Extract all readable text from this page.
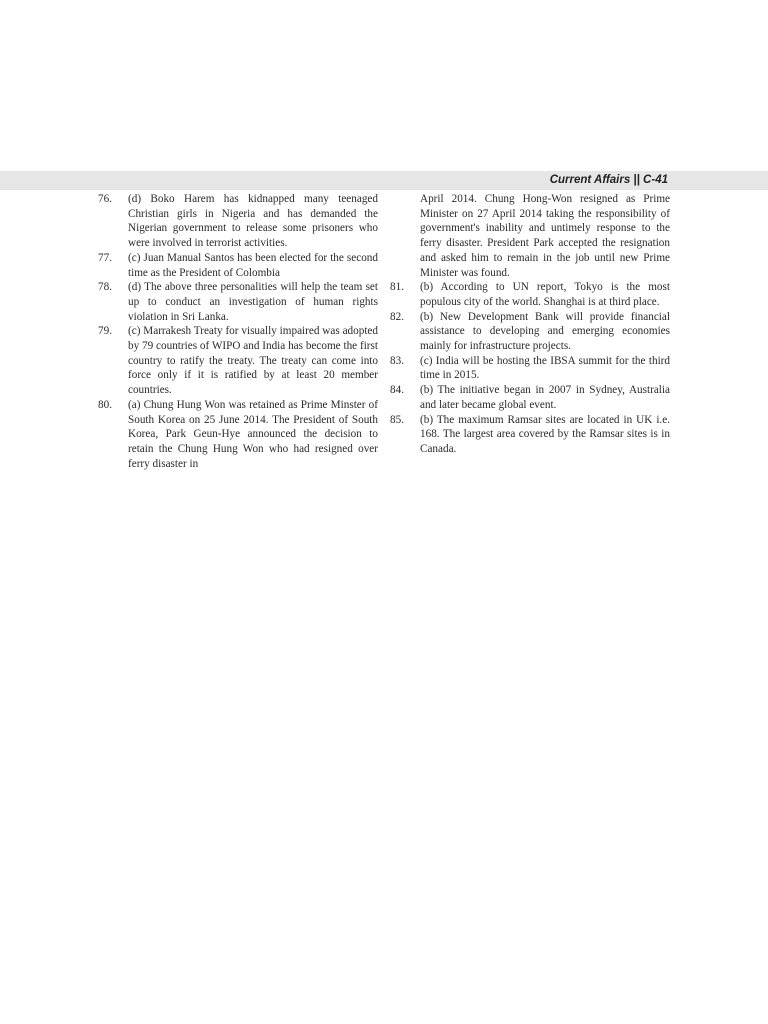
Current Affairs || C-41
76.	(d) Boko Harem has kidnapped many teenaged Christian girls in Nigeria and has demanded the Nigerian government to release some prisoners who were involved in terrorist activities.
77.	(c) Juan Manual Santos has been elected for the second time as the President of Colombia
78.	(d) The above three personalities will help the team set up to conduct an investigation of human rights violation in Sri Lanka.
79.	(c) Marrakesh Treaty for visually impaired was adopted by 79 countries of WIPO and India has become the first country to ratify the treaty. The treaty can come into force only if it is ratified by at least 20 member countries.
80.	(a) Chung Hung Won was retained as Prime Minster of South Korea on 25 June 2014. The President of South Korea, Park Geun-Hye announced the decision to retain the Chung Hung Won who had resigned over ferry disaster in
April 2014. Chung Hong-Won resigned as Prime Minister on 27 April 2014 taking the responsibility of government's inability and untimely response to the ferry disaster. President Park accepted the resignation and asked him to remain in the job until new Prime Minister was found.
81.	(b) According to UN report, Tokyo is the most populous city of the world. Shanghai is at third place.
82.	(b) New Development Bank will provide financial assistance to developing and emerging economies mainly for infrastructure projects.
83.	(c) India will be hosting the IBSA summit for the third time in 2015.
84.	(b) The initiative began in 2007 in Sydney, Australia and later became global event.
85.	(b) The maximum Ramsar sites are located in UK i.e. 168. The largest area covered by the Ramsar sites is in Canada.
